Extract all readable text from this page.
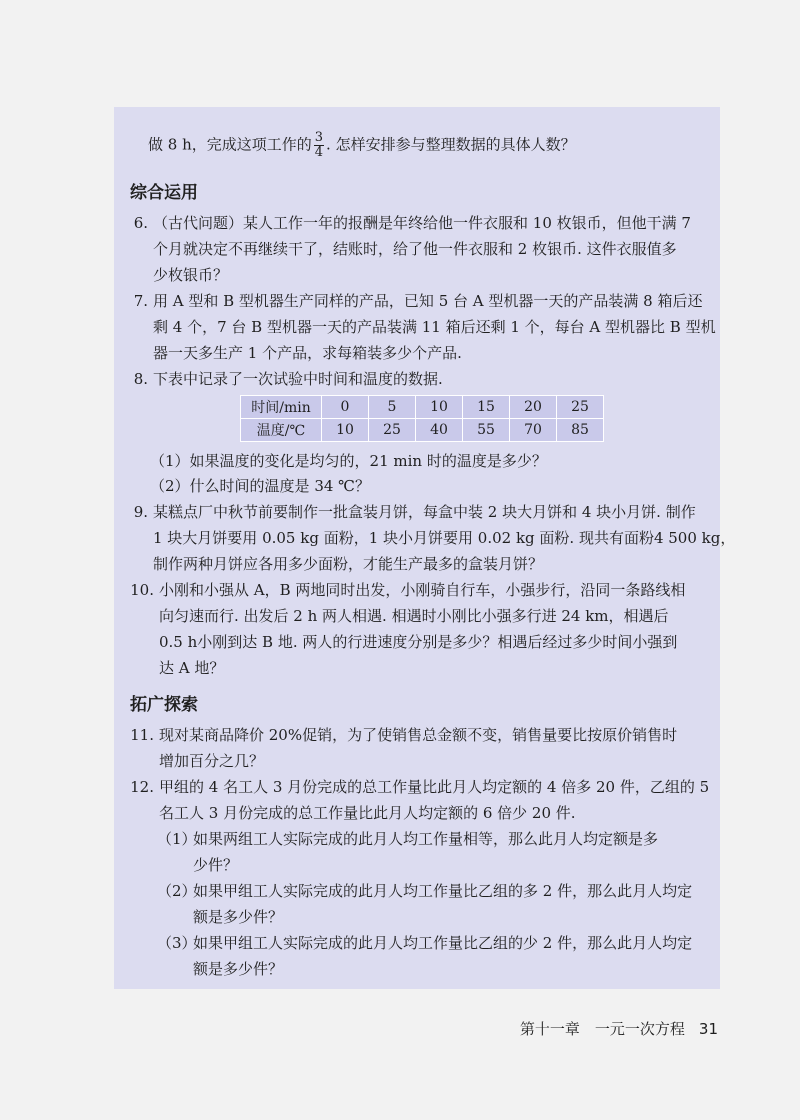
做 8 h，完成这项工作的 $\frac{3}{4}$ . 怎样安排参与整理数据的具体人数？
综合运用
6. （古代问题）某人工作一年的报酬是年终给他一件衣服和 10 枚银币，但他干满 7
个月就决定不再继续干了，结账时，给了他一件衣服和 2 枚银币. 这件衣服值多
少枚银币？
7. 用 A 型和 B 型机器生产同样的产品，已知 5 台 A 型机器一天的产品装满 8 箱后还
剩 4 个，7 台 B 型机器一天的产品装满 11 箱后还剩 1 个，每台 A 型机器比 B 型机
器一天多生产 1 个产品，求每箱装多少个产品.
8. 下表中记录了一次试验中时间和温度的数据.
时间/min	0	5	10	15	20	25
温度/℃	10	25	40	55	70	85
（1）如果温度的变化是均匀的，21 min 时的温度是多少？
（2）什么时间的温度是 34 ℃？
9. 某糕点厂中秋节前要制作一批盒装月饼，每盒中装 2 块大月饼和 4 块小月饼. 制作
1 块大月饼要用 0.05 kg 面粉，1 块小月饼要用 0.02 kg 面粉. 现共有面粉4 500 kg，
制作两种月饼应各用多少面粉，才能生产最多的盒装月饼？
10. 小刚和小强从 A，B 两地同时出发，小刚骑自行车，小强步行，沿同一条路线相
向匀速而行. 出发后 2 h 两人相遇. 相遇时小刚比小强多行进 24 km，相遇后
0.5 h小刚到达 B 地. 两人的行进速度分别是多少？相遇后经过多少时间小强到
达 A 地？
拓广探索
11. 现对某商品降价 20%促销，为了使销售总金额不变，销售量要比按原价销售时
增加百分之几？
12. 甲组的 4 名工人 3 月份完成的总工作量比此月人均定额的 4 倍多 20 件，乙组的 5
名工人 3 月份完成的总工作量比此月人均定额的 6 倍少 20 件.
（1）
如果两组工人实际完成的此月人均工作量相等，那么此月人均定额是多
少件？
（2）
如果甲组工人实际完成的此月人均工作量比乙组的多 2 件，那么此月人均定
额是多少件？
（3）
如果甲组工人实际完成的此月人均工作量比乙组的少 2 件，那么此月人均定
额是多少件？
第十一章　一元一次方程 31
